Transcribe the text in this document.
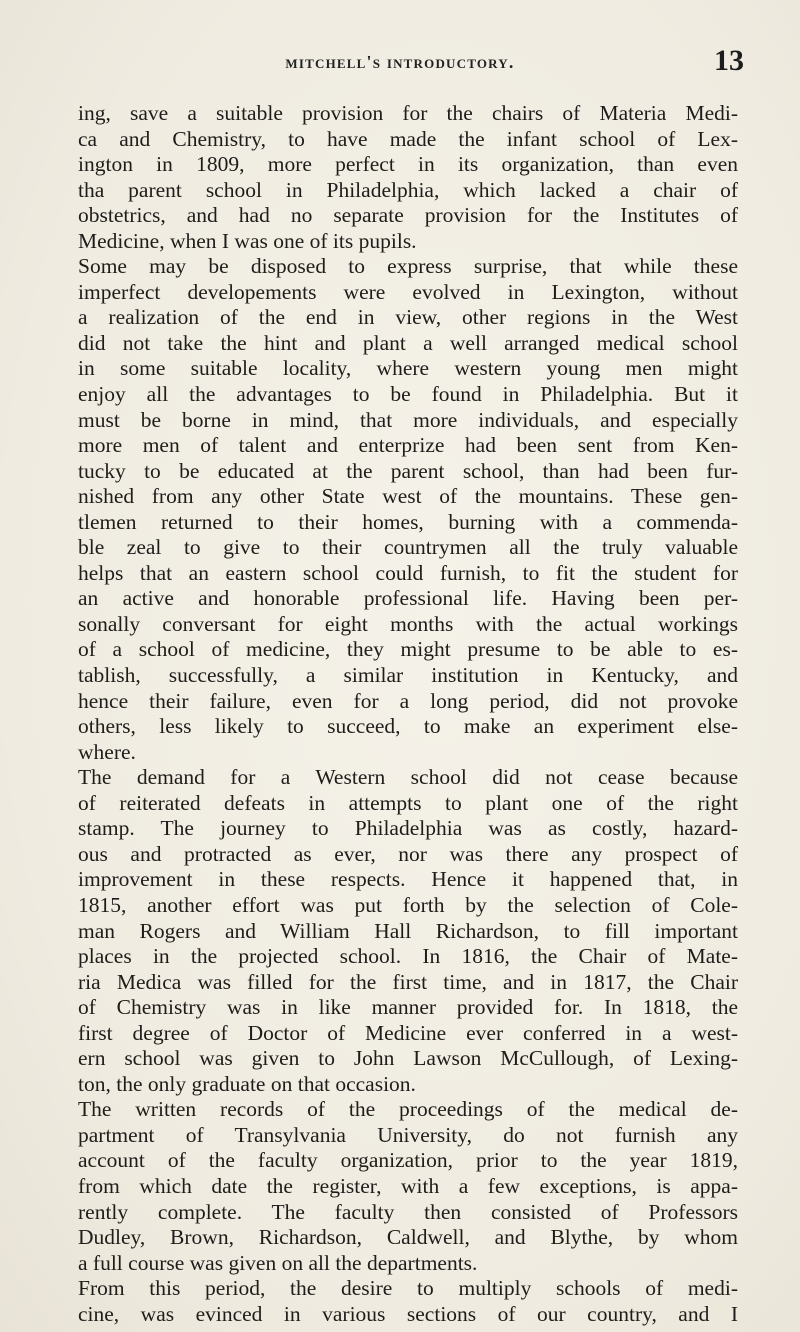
mitchell's introductory.	13

ing, save a suitable provision for the chairs of Materia Medi-
ca and Chemistry, to have made the infant school of Lex-
ington in 1809, more perfect in its organization, than even
tha parent school in Philadelphia, which lacked a chair of
obstetrics, and had no separate provision for the Institutes of
Medicine, when I was one of its pupils.

Some may be disposed to express surprise, that while these
imperfect developements were evolved in Lexington, without
a realization of the end in view, other regions in the West
did not take the hint and plant a well arranged medical school
in some suitable locality, where western young men might
enjoy all the advantages to be found in Philadelphia. But it
must be borne in mind, that more individuals, and especially
more men of talent and enterprize had been sent from Ken-
tucky to be educated at the parent school, than had been fur-
nished from any other State west of the mountains. These gen-
tlemen returned to their homes, burning with a commenda-
ble zeal to give to their countrymen all the truly valuable
helps that an eastern school could furnish, to fit the student for
an active and honorable professional life. Having been per-
sonally conversant for eight months with the actual workings
of a school of medicine, they might presume to be able to es-
tablish, successfully, a similar institution in Kentucky, and
hence their failure, even for a long period, did not provoke
others, less likely to succeed, to make an experiment else-
where.

The demand for a Western school did not cease because
of reiterated defeats in attempts to plant one of the right
stamp. The journey to Philadelphia was as costly, hazard-
ous and protracted as ever, nor was there any prospect of
improvement in these respects. Hence it happened that, in
1815, another effort was put forth by the selection of Cole-
man Rogers and William Hall Richardson, to fill important
places in the projected school. In 1816, the Chair of Mate-
ria Medica was filled for the first time, and in 1817, the Chair
of Chemistry was in like manner provided for. In 1818, the
first degree of Doctor of Medicine ever conferred in a west-
ern school was given to John Lawson McCullough, of Lexing-
ton, the only graduate on that occasion.

The written records of the proceedings of the medical de-
partment of Transylvania University, do not furnish any
account of the faculty organization, prior to the year 1819,
from which date the register, with a few exceptions, is appa-
rently complete. The faculty then consisted of Professors
Dudley, Brown, Richardson, Caldwell, and Blythe, by whom
a full course was given on all the departments.

From this period, the desire to multiply schools of medi-
cine, was evinced in various sections of our country, and I
